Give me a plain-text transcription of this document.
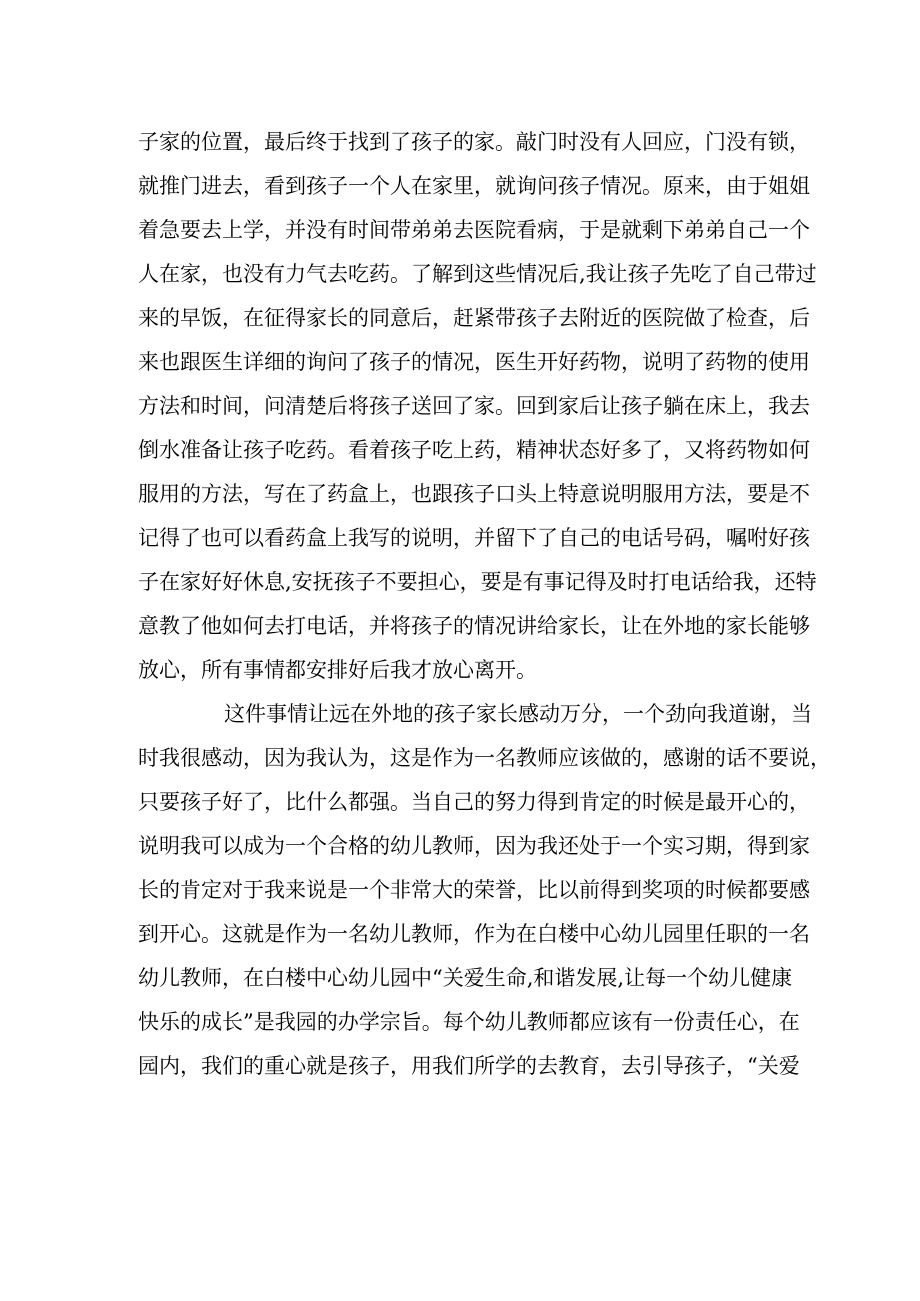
子家的位置，最后终于找到了孩子的家。敲门时没有人回应，门没有锁，
就推门进去，看到孩子一个人在家里，就询问孩子情况。原来，由于姐姐
着急要去上学，并没有时间带弟弟去医院看病，于是就剩下弟弟自己一个
人在家，也没有力气去吃药。了解到这些情况后,我让孩子先吃了自己带过
来的早饭，在征得家长的同意后，赶紧带孩子去附近的医院做了检查，后
来也跟医生详细的询问了孩子的情况，医生开好药物，说明了药物的使用
方法和时间，问清楚后将孩子送回了家。回到家后让孩子躺在床上，我去
倒水准备让孩子吃药。看着孩子吃上药，精神状态好多了，又将药物如何
服用的方法，写在了药盒上，也跟孩子口头上特意说明服用方法，要是不
记得了也可以看药盒上我写的说明，并留下了自己的电话号码，嘱咐好孩
子在家好好休息,安抚孩子不要担心，要是有事记得及时打电话给我，还特
意教了他如何去打电话，并将孩子的情况讲给家长，让在外地的家长能够
放心，所有事情都安排好后我才放心离开。
这件事情让远在外地的孩子家长感动万分，一个劲向我道谢，当
时我很感动，因为我认为，这是作为一名教师应该做的，感谢的话不要说，
只要孩子好了，比什么都强。当自己的努力得到肯定的时候是最开心的，
说明我可以成为一个合格的幼儿教师，因为我还处于一个实习期，得到家
长的肯定对于我来说是一个非常大的荣誉，比以前得到奖项的时候都要感
到开心。这就是作为一名幼儿教师，作为在白楼中心幼儿园里任职的一名
幼儿教师，在白楼中心幼儿园中“关爱生命,和谐发展,让每一个幼儿健康
快乐的成长”是我园的办学宗旨。每个幼儿教师都应该有一份责任心，在
园内，我们的重心就是孩子，用我们所学的去教育，去引导孩子，“关爱
